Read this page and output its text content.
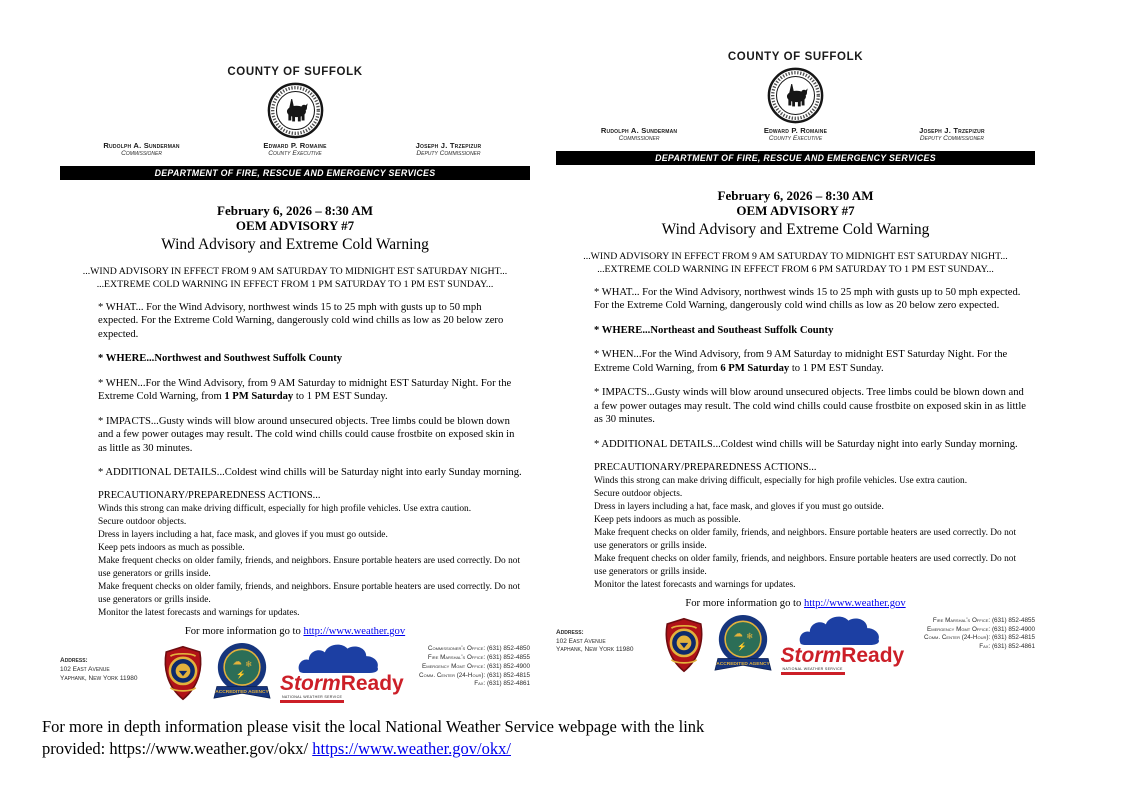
COUNTY OF SUFFOLK
Rudolph A. Sunderman
Commissioner
Edward P. Romaine
County Executive
Joseph J. Trzepizur
Deputy Commissioner
DEPARTMENT OF FIRE, RESCUE AND EMERGENCY SERVICES
February 6, 2026 – 8:30 AM
OEM ADVISORY #7
Wind Advisory and Extreme Cold Warning
...WIND ADVISORY IN EFFECT FROM 9 AM SATURDAY TO MIDNIGHT EST SATURDAY NIGHT...
...EXTREME COLD WARNING IN EFFECT FROM 1 PM SATURDAY TO 1 PM EST SUNDAY...

* WHAT... For the Wind Advisory, northwest winds 15 to 25 mph with gusts up to 50 mph expected. For the Extreme Cold Warning, dangerously cold wind chills as low as 20 below zero expected.

* WHERE...Northwest and Southwest Suffolk County

* WHEN...For the Wind Advisory, from 9 AM Saturday to midnight EST Saturday Night. For the Extreme Cold Warning, from 1 PM Saturday to 1 PM EST Sunday.

* IMPACTS...Gusty winds will blow around unsecured objects. Tree limbs could be blown down and a few power outages may result. The cold wind chills could cause frostbite on exposed skin in as little as 30 minutes.

* ADDITIONAL DETAILS...Coldest wind chills will be Saturday night into early Sunday morning.

PRECAUTIONARY/PREPAREDNESS ACTIONS...

Winds this strong can make driving difficult, especially for high profile vehicles. Use extra caution.
Secure outdoor objects.
Dress in layers including a hat, face mask, and gloves if you must go outside.
Keep pets indoors as much as possible.
Make frequent checks on older family, friends, and neighbors. Ensure portable heaters are used correctly. Do not use generators or grills inside.
Make frequent checks on older family, friends, and neighbors. Ensure portable heaters are used correctly. Do not use generators or grills inside.
Monitor the latest forecasts and warnings for updates.
For more information go to http://www.weather.gov
Address:
102 East Avenue
Yaphank, New York 11980
☁ ❄
⚡
ACCREDITED AGENCY StormReady
NATIONAL WEATHER SERVICE
Commissioner's Office: (631) 852-4850
Fire Marshal's Office: (631) 852-4855
Emergency Mgmt Office: (631) 852-4900
Comm. Center (24-Hour): (631) 852-4815
Fax: (631) 852-4861
COUNTY OF SUFFOLK
Rudolph A. Sunderman
Commissioner
Edward P. Romaine
County Executive
Joseph J. Trzepizur
Deputy Commissioner
DEPARTMENT OF FIRE, RESCUE AND EMERGENCY SERVICES
February 6, 2026 – 8:30 AM
OEM ADVISORY #7
Wind Advisory and Extreme Cold Warning
...WIND ADVISORY IN EFFECT FROM 9 AM SATURDAY TO MIDNIGHT EST SATURDAY NIGHT...
...EXTREME COLD WARNING IN EFFECT FROM 6 PM SATURDAY TO 1 PM EST SUNDAY...

* WHAT... For the Wind Advisory, northwest winds 15 to 25 mph with gusts up to 50 mph expected. For the Extreme Cold Warning, dangerously cold wind chills as low as 20 below zero expected.

* WHERE...Northeast and Southeast Suffolk County

* WHEN...For the Wind Advisory, from 9 AM Saturday to midnight EST Saturday Night. For the Extreme Cold Warning, from 6 PM Saturday to 1 PM EST Sunday.

* IMPACTS...Gusty winds will blow around unsecured objects. Tree limbs could be blown down and a few power outages may result. The cold wind chills could cause frostbite on exposed skin in as little as 30 minutes.

* ADDITIONAL DETAILS...Coldest wind chills will be Saturday night into early Sunday morning.

PRECAUTIONARY/PREPAREDNESS ACTIONS...

Winds this strong can make driving difficult, especially for high profile vehicles. Use extra caution.
Secure outdoor objects.
Dress in layers including a hat, face mask, and gloves if you must go outside.
Keep pets indoors as much as possible.
Make frequent checks on older family, friends, and neighbors. Ensure portable heaters are used correctly. Do not use generators or grills inside.
Make frequent checks on older family, friends, and neighbors. Ensure portable heaters are used correctly. Do not use generators or grills inside.
Monitor the latest forecasts and warnings for updates.
For more information go to http://www.weather.gov
Address:
102 East Avenue
Yaphank, New York 11980
☁ ❄
⚡
ACCREDITED AGENCY StormReady
NATIONAL WEATHER SERVICE
Fire Marshal's Office: (631) 852-4855
Emergency Mgmt Office: (631) 852-4900
Comm. Center (24-Hour): (631) 852-4815
Fax: (631) 852-4861
For more in depth information please visit the local National Weather Service webpage with the link
provided: https://www.weather.gov/okx/ https://www.weather.gov/okx/
